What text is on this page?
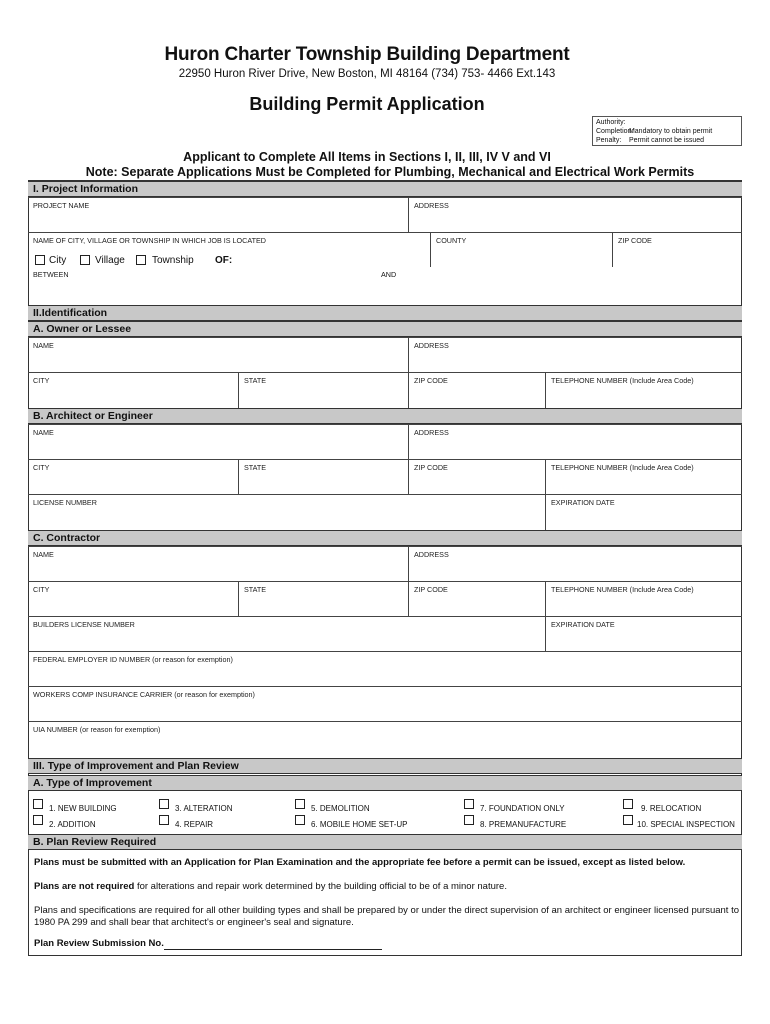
Huron Charter Township Building Department
22950 Huron River Drive, New Boston, MI 48164 (734) 753- 4466 Ext.143
Building Permit Application
Authority:
Completion: Mandatory to obtain permit
Penalty: Permit cannot be issued
Applicant to Complete All Items in Sections I, II, III, IV V and VI
Note: Separate Applications Must be Completed for Plumbing, Mechanical and Electrical Work Permits
I. Project Information
PROJECT NAME	ADDRESS
NAME OF CITY, VILLAGE OR TOWNSHIP IN WHICH JOB IS LOCATED	COUNTY	ZIP CODE
City	Village	Township OF:
BETWEEN	AND
II.Identification
A. Owner or Lessee
NAME	ADDRESS
CITY	STATE	ZIP CODE	TELEPHONE NUMBER (Include Area Code)
B. Architect or Engineer
NAME	ADDRESS
CITY	STATE	ZIP CODE	TELEPHONE NUMBER (Include Area Code)
LICENSE NUMBER	EXPIRATION DATE
C. Contractor
NAME	ADDRESS
CITY	STATE	ZIP CODE	TELEPHONE NUMBER (Include Area Code)
BUILDERS LICENSE NUMBER	EXPIRATION DATE
FEDERAL EMPLOYER ID NUMBER (or reason for exemption)
WORKERS COMP INSURANCE CARRIER (or reason for exemption)
UIA NUMBER (or reason for exemption)
III. Type of Improvement and Plan Review
A. Type of Improvement
1. NEW BUILDING
2. ADDITION
3. ALTERATION
4. REPAIR
5. DEMOLITION
6. MOBILE HOME SET-UP
7. FOUNDATION ONLY
8. PREMANUFACTURE
9. RELOCATION
10. SPECIAL INSPECTION
B. Plan Review Required
Plans must be submitted with an Application for Plan Examination and the appropriate fee before a permit can be issued, except as listed below.
Plans are not required for alterations and repair work determined by the building official to be of a minor nature.
Plans and specifications are required for all other building types and shall be prepared by or under the direct supervision of an architect or engineer licensed pursuant to 1980 PA 299 and shall bear that architect's or engineer's seal and signature.
Plan Review Submission No.
